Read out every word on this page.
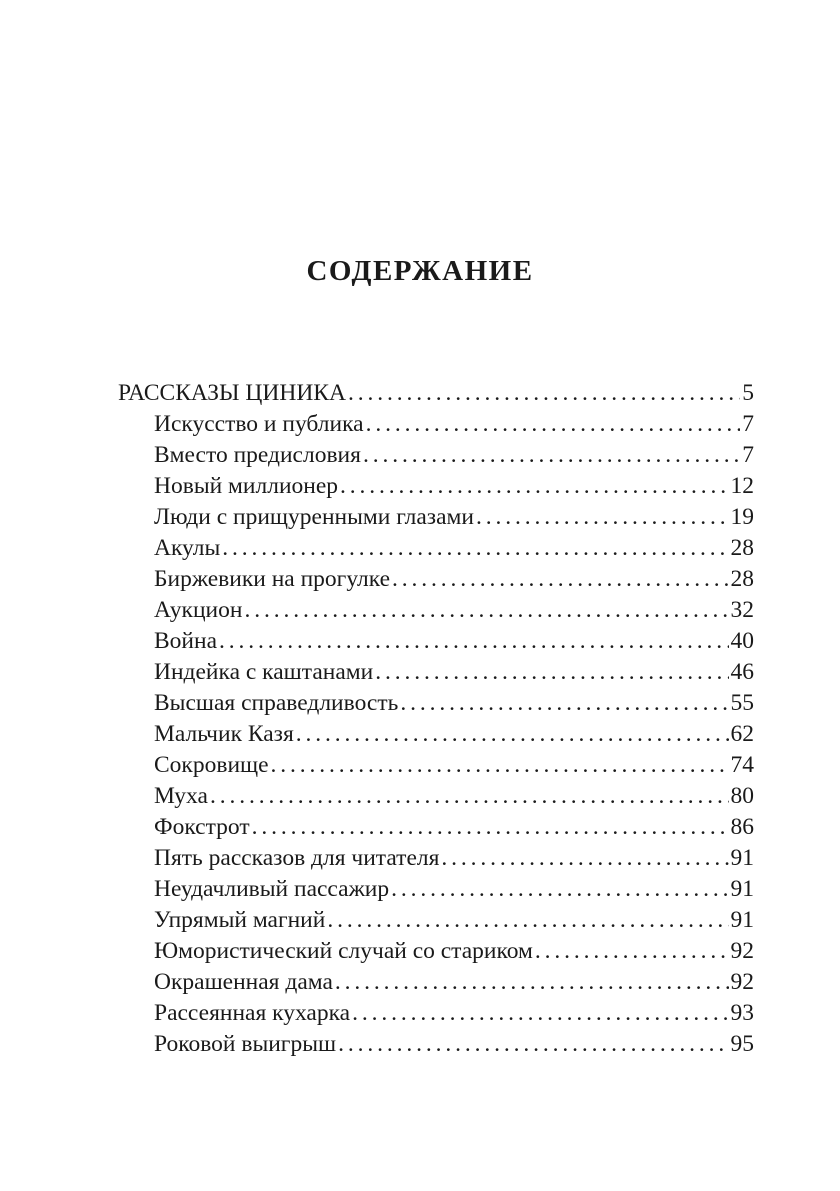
СОДЕРЖАНИЕ
РАССКАЗЫ ЦИНИКА . . .	5
Искусство и публика . . .	7
Вместо предисловия . . .	7
Новый миллионер . . .	12
Люди с прищуренными глазами . . .	19
Акулы . . .	28
Биржевики на прогулке . . .	28
Аукцион . . .	32
Война . . .	40
Индейка с каштанами . . .	46
Высшая справедливость . . .	55
Мальчик Казя . . .	62
Сокровище . . .	74
Муха . . .	80
Фокстрот . . .	86
Пять рассказов для читателя . . .	91
Неудачливый пассажир . . .	91
Упрямый магний . . .	91
Юмористический случай со стариком . . .	92
Окрашенная дама . . .	92
Рассеянная кухарка . . .	93
Роковой выигрыш . . .	95
